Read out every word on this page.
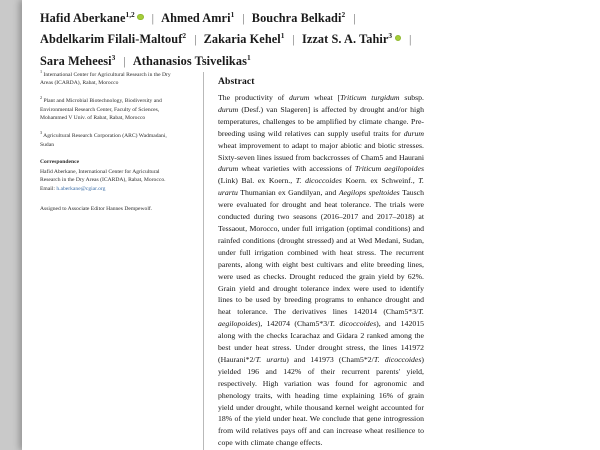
Hafid Aberkane$^{1,2}$ | Ahmed Amri$^1$ | Bouchra Belkadi$^2$ |
Abdelkarim Filali-Maltouf$^2$ | Zakaria Kehel$^1$ | Izzat S. A. Tahir$^3$ |
Sara Meheesi$^3$ | Athanasios Tsivelikas$^1$
$^1$ International Center for Agricultural Research in the Dry Areas (ICARDA), Rabat, Morocco
$^2$ Plant and Microbial Biotechnology, Biodiversity and Environmental Research Center, Faculty of Sciences, Mohammed V Univ. of Rabat, Rabat, Morocco
$^3$ Agricultural Research Corporation (ARC) Wadmadani, Sudan
Correspondence
Hafid Aberkane, International Center for Agricultural Research in the Dry Areas (ICARDA), Rabat, Morocco.
Email: h.aberkane@cgiar.org
Assigned to Associate Editor Hannes Dempewolf.
Abstract

The productivity of durum wheat [Triticum turgidum subsp. durum (Desf.) van Slageren] is affected by drought and/or high temperatures, challenges to be amplified by climate change. Pre-breeding using wild relatives can supply useful traits for durum wheat improvement to adapt to major abiotic and biotic stresses. Sixty-seven lines issued from backcrosses of Cham5 and Haurani durum wheat varieties with accessions of Triticum aegilopoides (Link) Bal. ex Koern., T. dicoccoides Koern. ex Schweinf., T. urartu Thumanian ex Gandilyan, and Aegilops speltoides Tausch were evaluated for drought and heat tolerance. The trials were conducted during two seasons (2016–2017 and 2017–2018) at Tessaout, Morocco, under full irrigation (optimal conditions) and rainfed conditions (drought stressed) and at Wed Medani, Sudan, under full irrigation combined with heat stress. The recurrent parents, along with eight best cultivars and elite breeding lines, were used as checks. Drought reduced the grain yield by 62%. Grain yield and drought tolerance index were used to identify lines to be used by breeding programs to enhance drought and heat tolerance. The derivatives lines 142014 (Cham5*3/T. aegilopoides), 142074 (Cham5*3/T. dicoccoides), and 142015 along with the checks Icarachaz and Gidara 2 ranked among the best under heat stress. Under drought stress, the lines 141972 (Haurani*2/T. urartu) and 141973 (Cham5*2/T. dicoccoides) yielded 196 and 142% of their recurrent parents' yield, respectively. High variation was found for agronomic and phenology traits, with heading time explaining 16% of grain yield under drought, while thousand kernel weight accounted for 18% of the yield under heat. We conclude that gene introgression from wild relatives pays off and can increase wheat resilience to cope with climate change effects.
